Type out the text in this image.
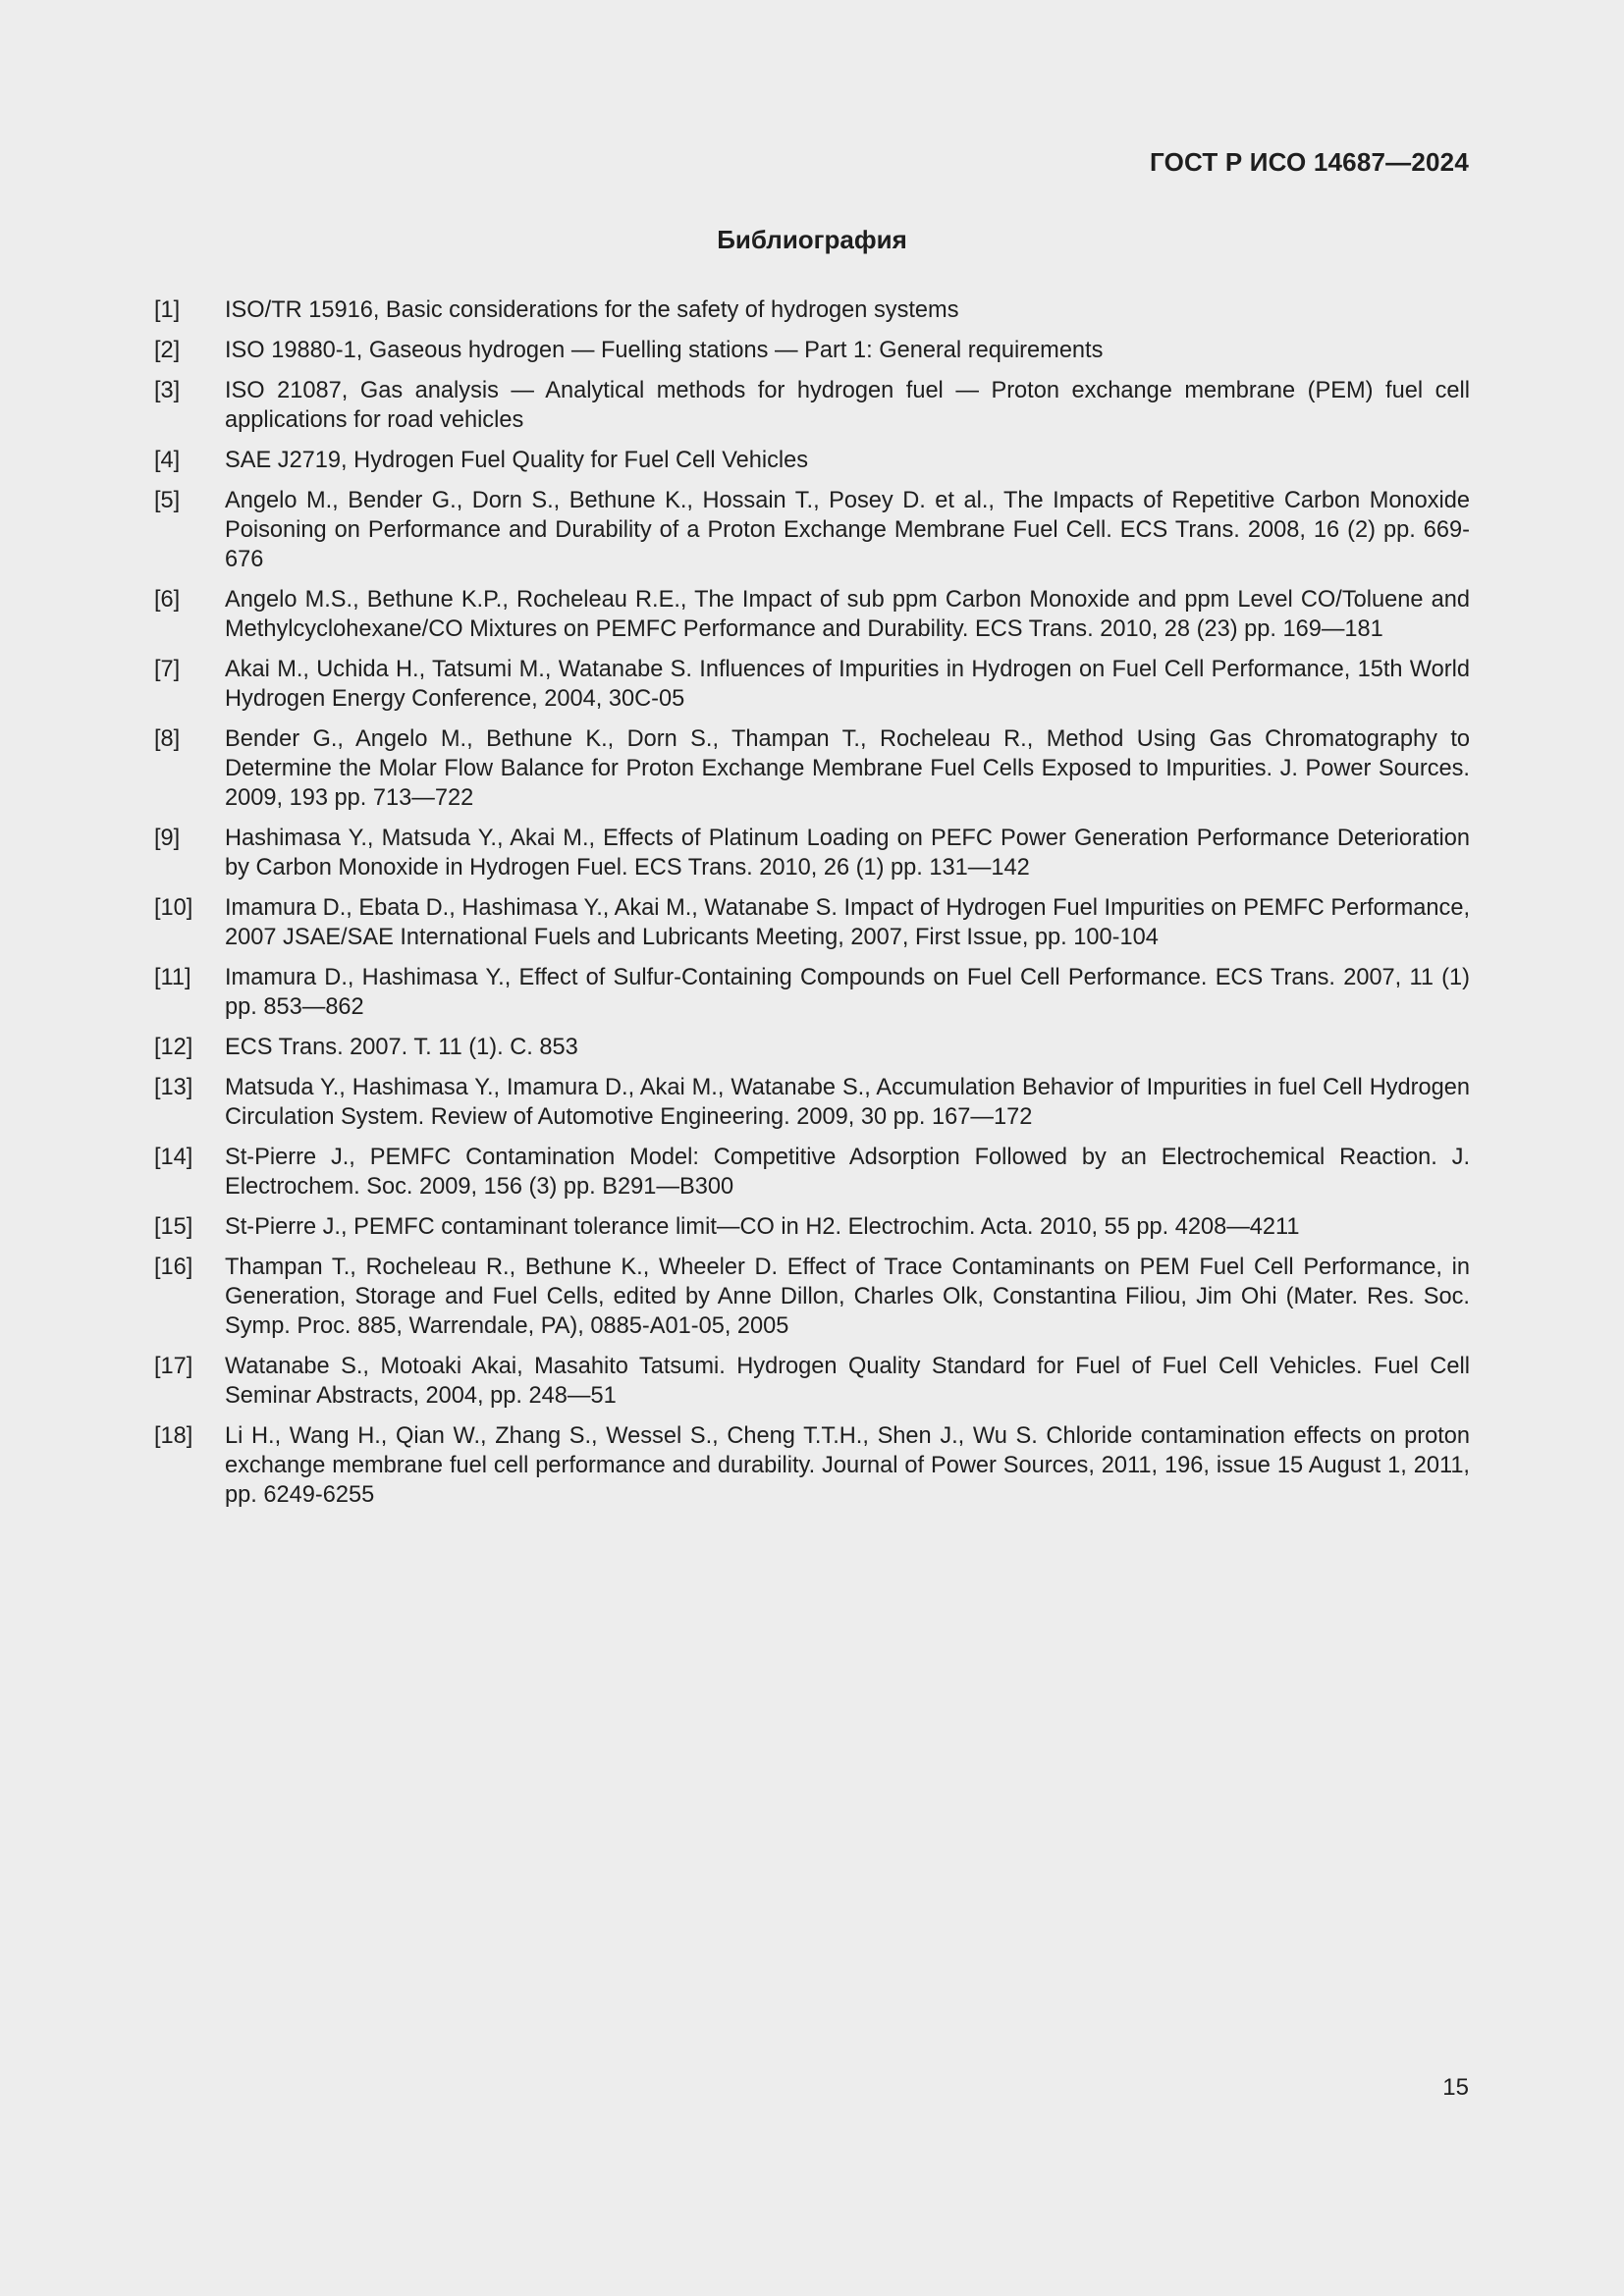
ГОСТ Р ИСО 14687—2024
Библиография
[1]	ISO/TR 15916, Basic considerations for the safety of hydrogen systems
[2]	ISO 19880-1, Gaseous hydrogen — Fuelling stations — Part 1: General requirements
[3]	ISO 21087, Gas analysis — Analytical methods for hydrogen fuel — Proton exchange membrane (PEM) fuel cell applications for road vehicles
[4]	SAE J2719, Hydrogen Fuel Quality for Fuel Cell Vehicles
[5]	Angelo M., Bender G., Dorn S., Bethune K., Hossain T., Posey D. et al., The Impacts of Repetitive Carbon Monoxide Poisoning on Performance and Durability of a Proton Exchange Membrane Fuel Cell. ECS Trans. 2008, 16 (2) pp. 669-676
[6]	Angelo M.S., Bethune K.P., Rocheleau R.E., The Impact of sub ppm Carbon Monoxide and ppm Level CO/Toluene and Methylcyclohexane/CO Mixtures on PEMFC Performance and Durability. ECS Trans. 2010, 28 (23) pp. 169—181
[7]	Akai M., Uchida H., Tatsumi M., Watanabe S. Influences of Impurities in Hydrogen on Fuel Cell Performance, 15th World Hydrogen Energy Conference, 2004, 30C-05
[8]	Bender G., Angelo M., Bethune K., Dorn S., Thampan T., Rocheleau R., Method Using Gas Chromatography to Determine the Molar Flow Balance for Proton Exchange Membrane Fuel Cells Exposed to Impurities. J. Power Sources. 2009, 193 pp. 713—722
[9]	Hashimasa Y., Matsuda Y., Akai M., Effects of Platinum Loading on PEFC Power Generation Performance Deterioration by Carbon Monoxide in Hydrogen Fuel. ECS Trans. 2010, 26 (1) pp. 131—142
[10]	Imamura D., Ebata D., Hashimasa Y., Akai M., Watanabe S. Impact of Hydrogen Fuel Impurities on PEMFC Performance, 2007 JSAE/SAE International Fuels and Lubricants Meeting, 2007, First Issue, pp. 100-104
[11]	Imamura D., Hashimasa Y., Effect of Sulfur-Containing Compounds on Fuel Cell Performance. ECS Trans. 2007, 11 (1) pp. 853—862
[12]	ECS Trans. 2007. T. 11 (1). C. 853
[13]	Matsuda Y., Hashimasa Y., Imamura D., Akai M., Watanabe S., Accumulation Behavior of Impurities in fuel Cell Hydrogen Circulation System. Review of Automotive Engineering. 2009, 30 pp. 167—172
[14]	St-Pierre J., PEMFC Contamination Model: Competitive Adsorption Followed by an Electrochemical Reaction. J. Electrochem. Soc. 2009, 156 (3) pp. B291—B300
[15]	St-Pierre J., PEMFC contaminant tolerance limit—CO in H2. Electrochim. Acta. 2010, 55 pp. 4208—4211
[16]	Thampan T., Rocheleau R., Bethune K., Wheeler D. Effect of Trace Contaminants on PEM Fuel Cell Performance, in Generation, Storage and Fuel Cells, edited by Anne Dillon, Charles Olk, Constantina Filiou, Jim Ohi (Mater. Res. Soc. Symp. Proc. 885, Warrendale, PA), 0885-A01-05, 2005
[17]	Watanabe S., Motoaki Akai, Masahito Tatsumi. Hydrogen Quality Standard for Fuel of Fuel Cell Vehicles. Fuel Cell Seminar Abstracts, 2004, pp. 248—51
[18]	Li H., Wang H., Qian W., Zhang S., Wessel S., Cheng T.T.H., Shen J., Wu S. Chloride contamination effects on proton exchange membrane fuel cell performance and durability. Journal of Power Sources, 2011, 196, issue 15 August 1, 2011, pp. 6249-6255
15
